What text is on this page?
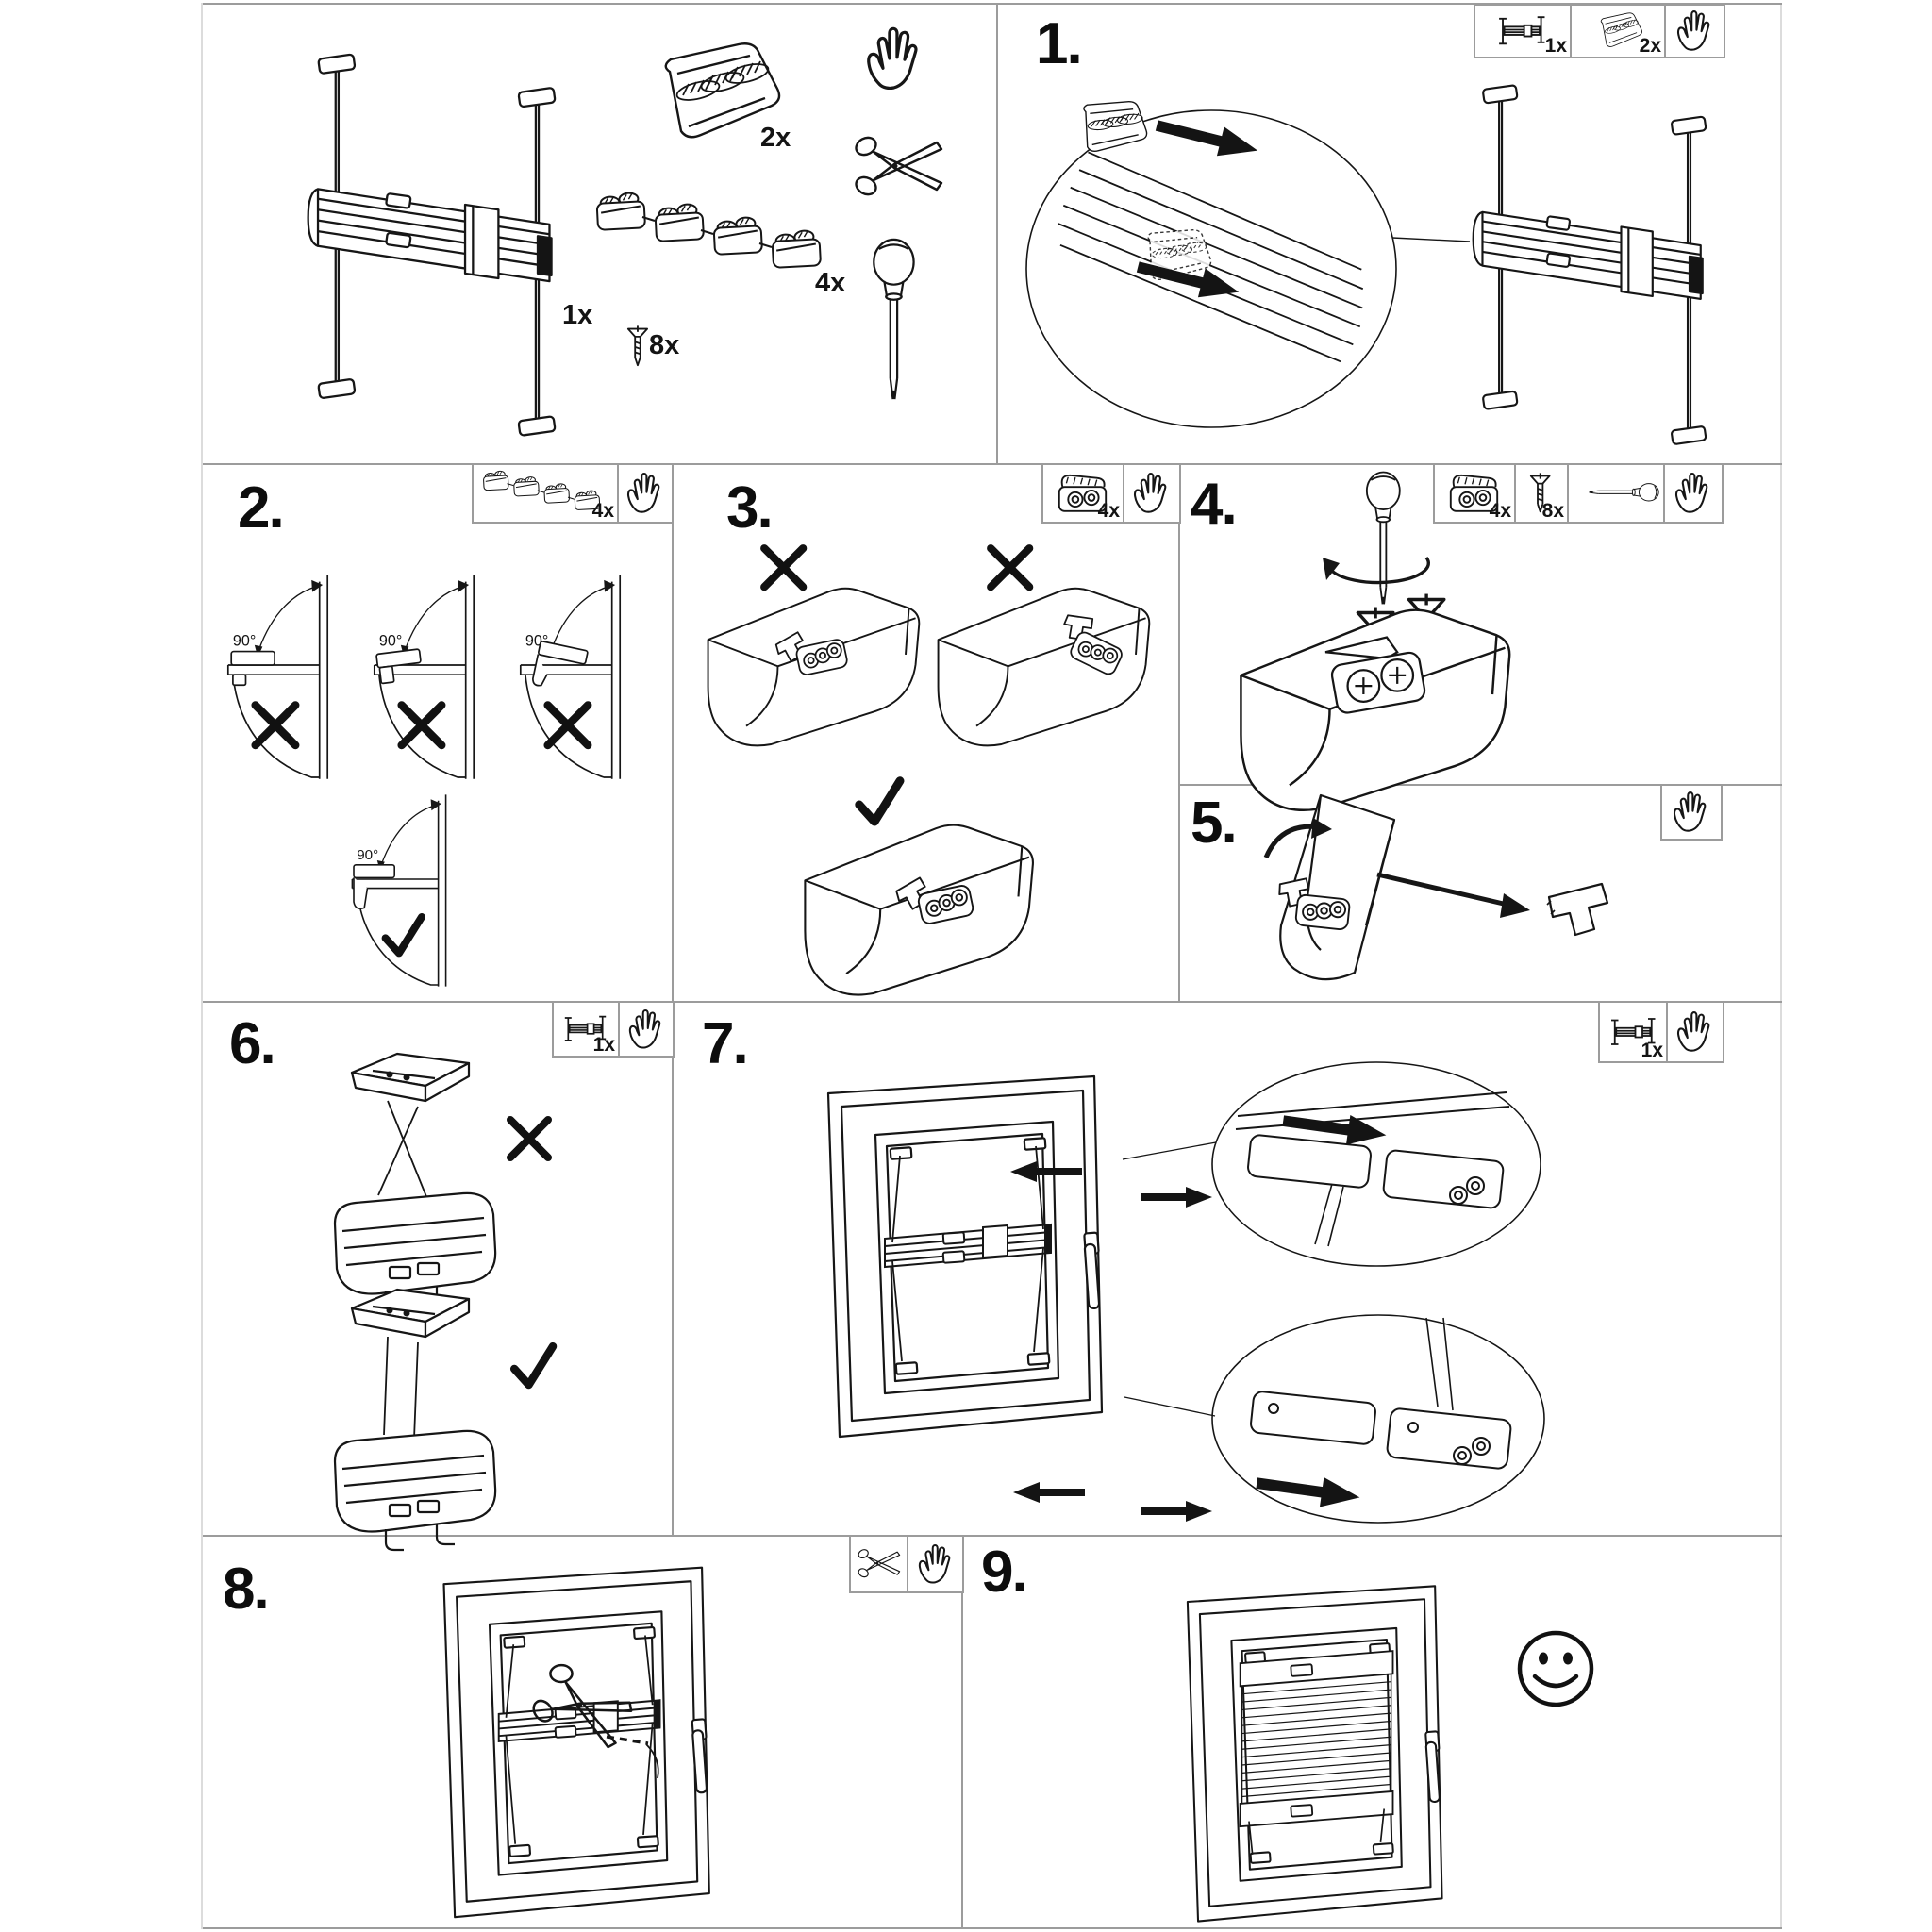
1.
2.	3.	4.
5.
6.	7.
8.	9.
1x	2x
4x	4x	4x 8x
1x	1x
1x
2x
4x
8x
90°	90°	90°
90°
